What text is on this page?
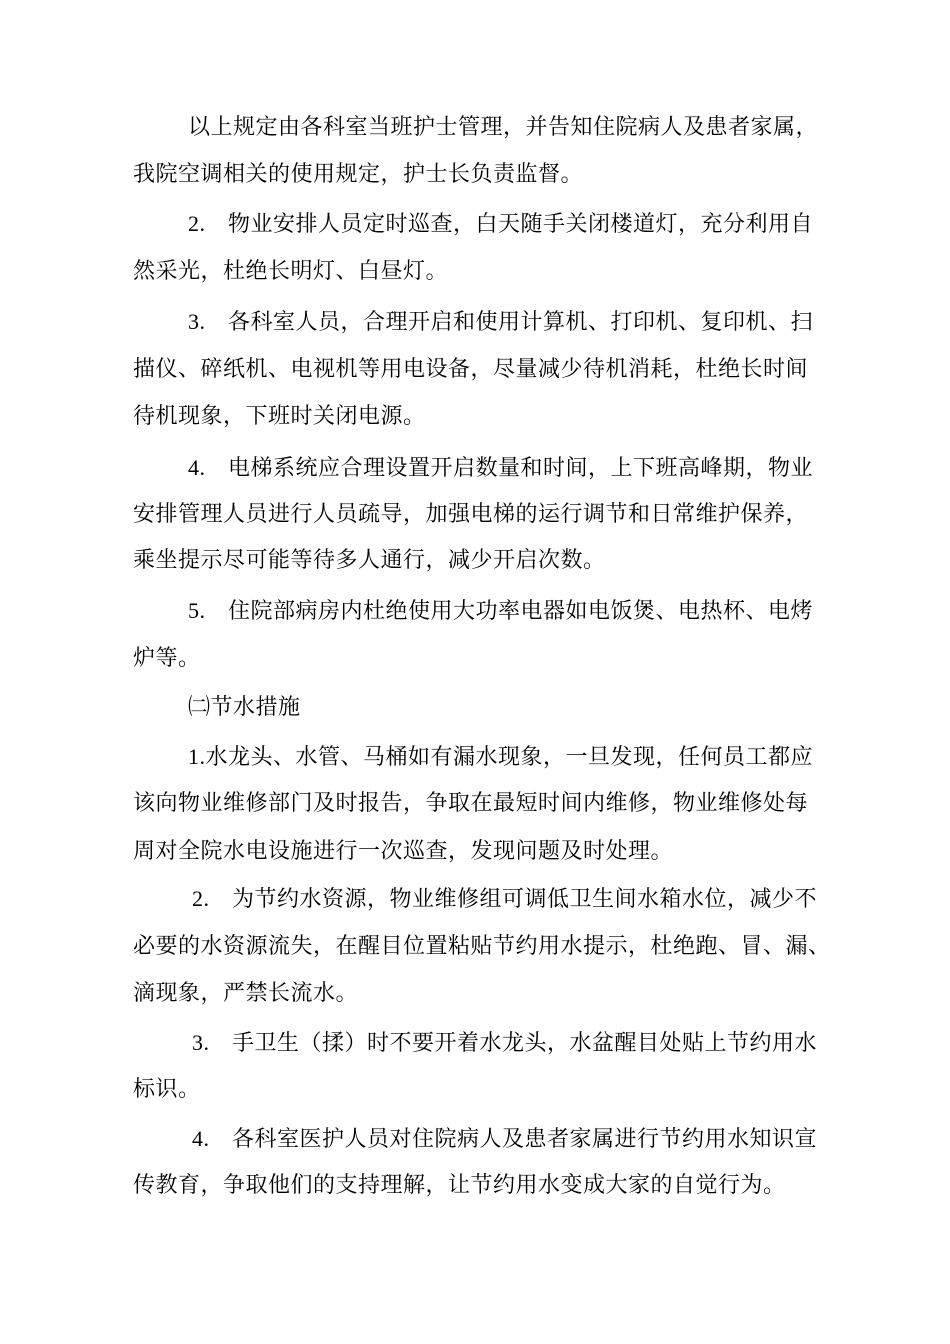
以上规定由各科室当班护士管理，并告知住院病人及患者家属，
我院空调相关的使用规定，护士长负责监督。
2. 物业安排人员定时巡查，白天随手关闭楼道灯，充分利用自
然采光，杜绝长明灯、白昼灯。
3. 各科室人员，合理开启和使用计算机、打印机、复印机、扫
描仪、碎纸机、电视机等用电设备，尽量减少待机消耗，杜绝长时间
待机现象，下班时关闭电源。
4. 电梯系统应合理设置开启数量和时间，上下班高峰期，物业
安排管理人员进行人员疏导，加强电梯的运行调节和日常维护保养，
乘坐提示尽可能等待多人通行，减少开启次数。
5. 住院部病房内杜绝使用大功率电器如电饭煲、电热杯、电烤
炉等。
㈡节水措施
1.水龙头、水管、马桶如有漏水现象，一旦发现，任何员工都应
该向物业维修部门及时报告，争取在最短时间内维修，物业维修处每
周对全院水电设施进行一次巡查，发现问题及时处理。
2. 为节约水资源，物业维修组可调低卫生间水箱水位，减少不
必要的水资源流失，在醒目位置粘贴节约用水提示，杜绝跑、冒、漏、
滴现象，严禁长流水。
3. 手卫生（揉）时不要开着水龙头，水盆醒目处贴上节约用水
标识。
4. 各科室医护人员对住院病人及患者家属进行节约用水知识宣
传教育，争取他们的支持理解，让节约用水变成大家的自觉行为。
